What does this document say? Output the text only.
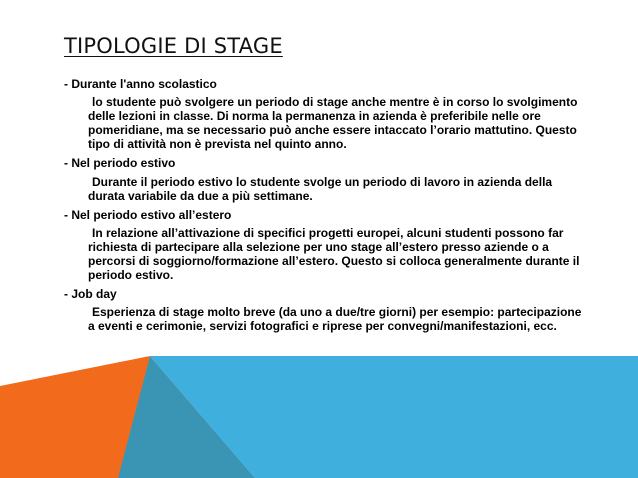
TIPOLOGIE DI STAGE

- Durante l'anno scolastico

lo studente può svolgere un periodo di stage anche mentre è in corso lo svolgimento delle lezioni in classe. Di norma la permanenza in azienda è preferibile nelle ore pomeridiane, ma se necessario può anche essere intaccato l’orario mattutino. Questo tipo di attività non è prevista nel quinto anno.

- Nel periodo estivo

Durante il periodo estivo lo studente svolge un periodo di lavoro in azienda della durata variabile da due a più settimane.

- Nel periodo estivo all’estero

In relazione all’attivazione di specifici progetti europei, alcuni studenti possono far richiesta di partecipare alla selezione per uno stage all’estero presso aziende o a percorsi di soggiorno/formazione all’estero. Questo si colloca generalmente durante il periodo estivo.

- Job day

Esperienza di stage molto breve (da uno a due/tre giorni) per esempio: partecipazione a eventi e cerimonie, servizi fotografici e riprese per convegni/manifestazioni, ecc.
